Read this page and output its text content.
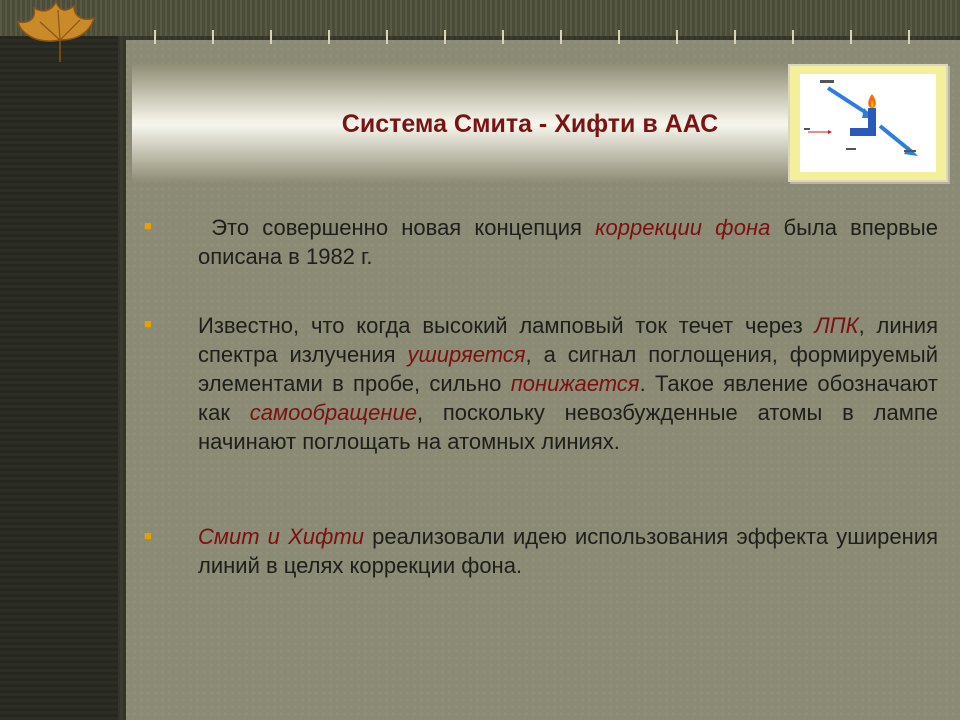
Система Смита - Хифти в ААС
■	Это совершенно новая концепция коррекции фона была впервые описана в 1982 г.

■ Известно, что когда высокий ламповый ток течет через ЛПК, линия спектра излучения уширяется, а сигнал поглощения, формируемый элементами в пробе, сильно понижается. Такое явление обозначают как самообращение, поскольку невозбужденные атомы в лампе начинают поглощать на атомных линиях.

■ Смит и Хифти реализовали идею использования эффекта уширения линий в целях коррекции фона.
